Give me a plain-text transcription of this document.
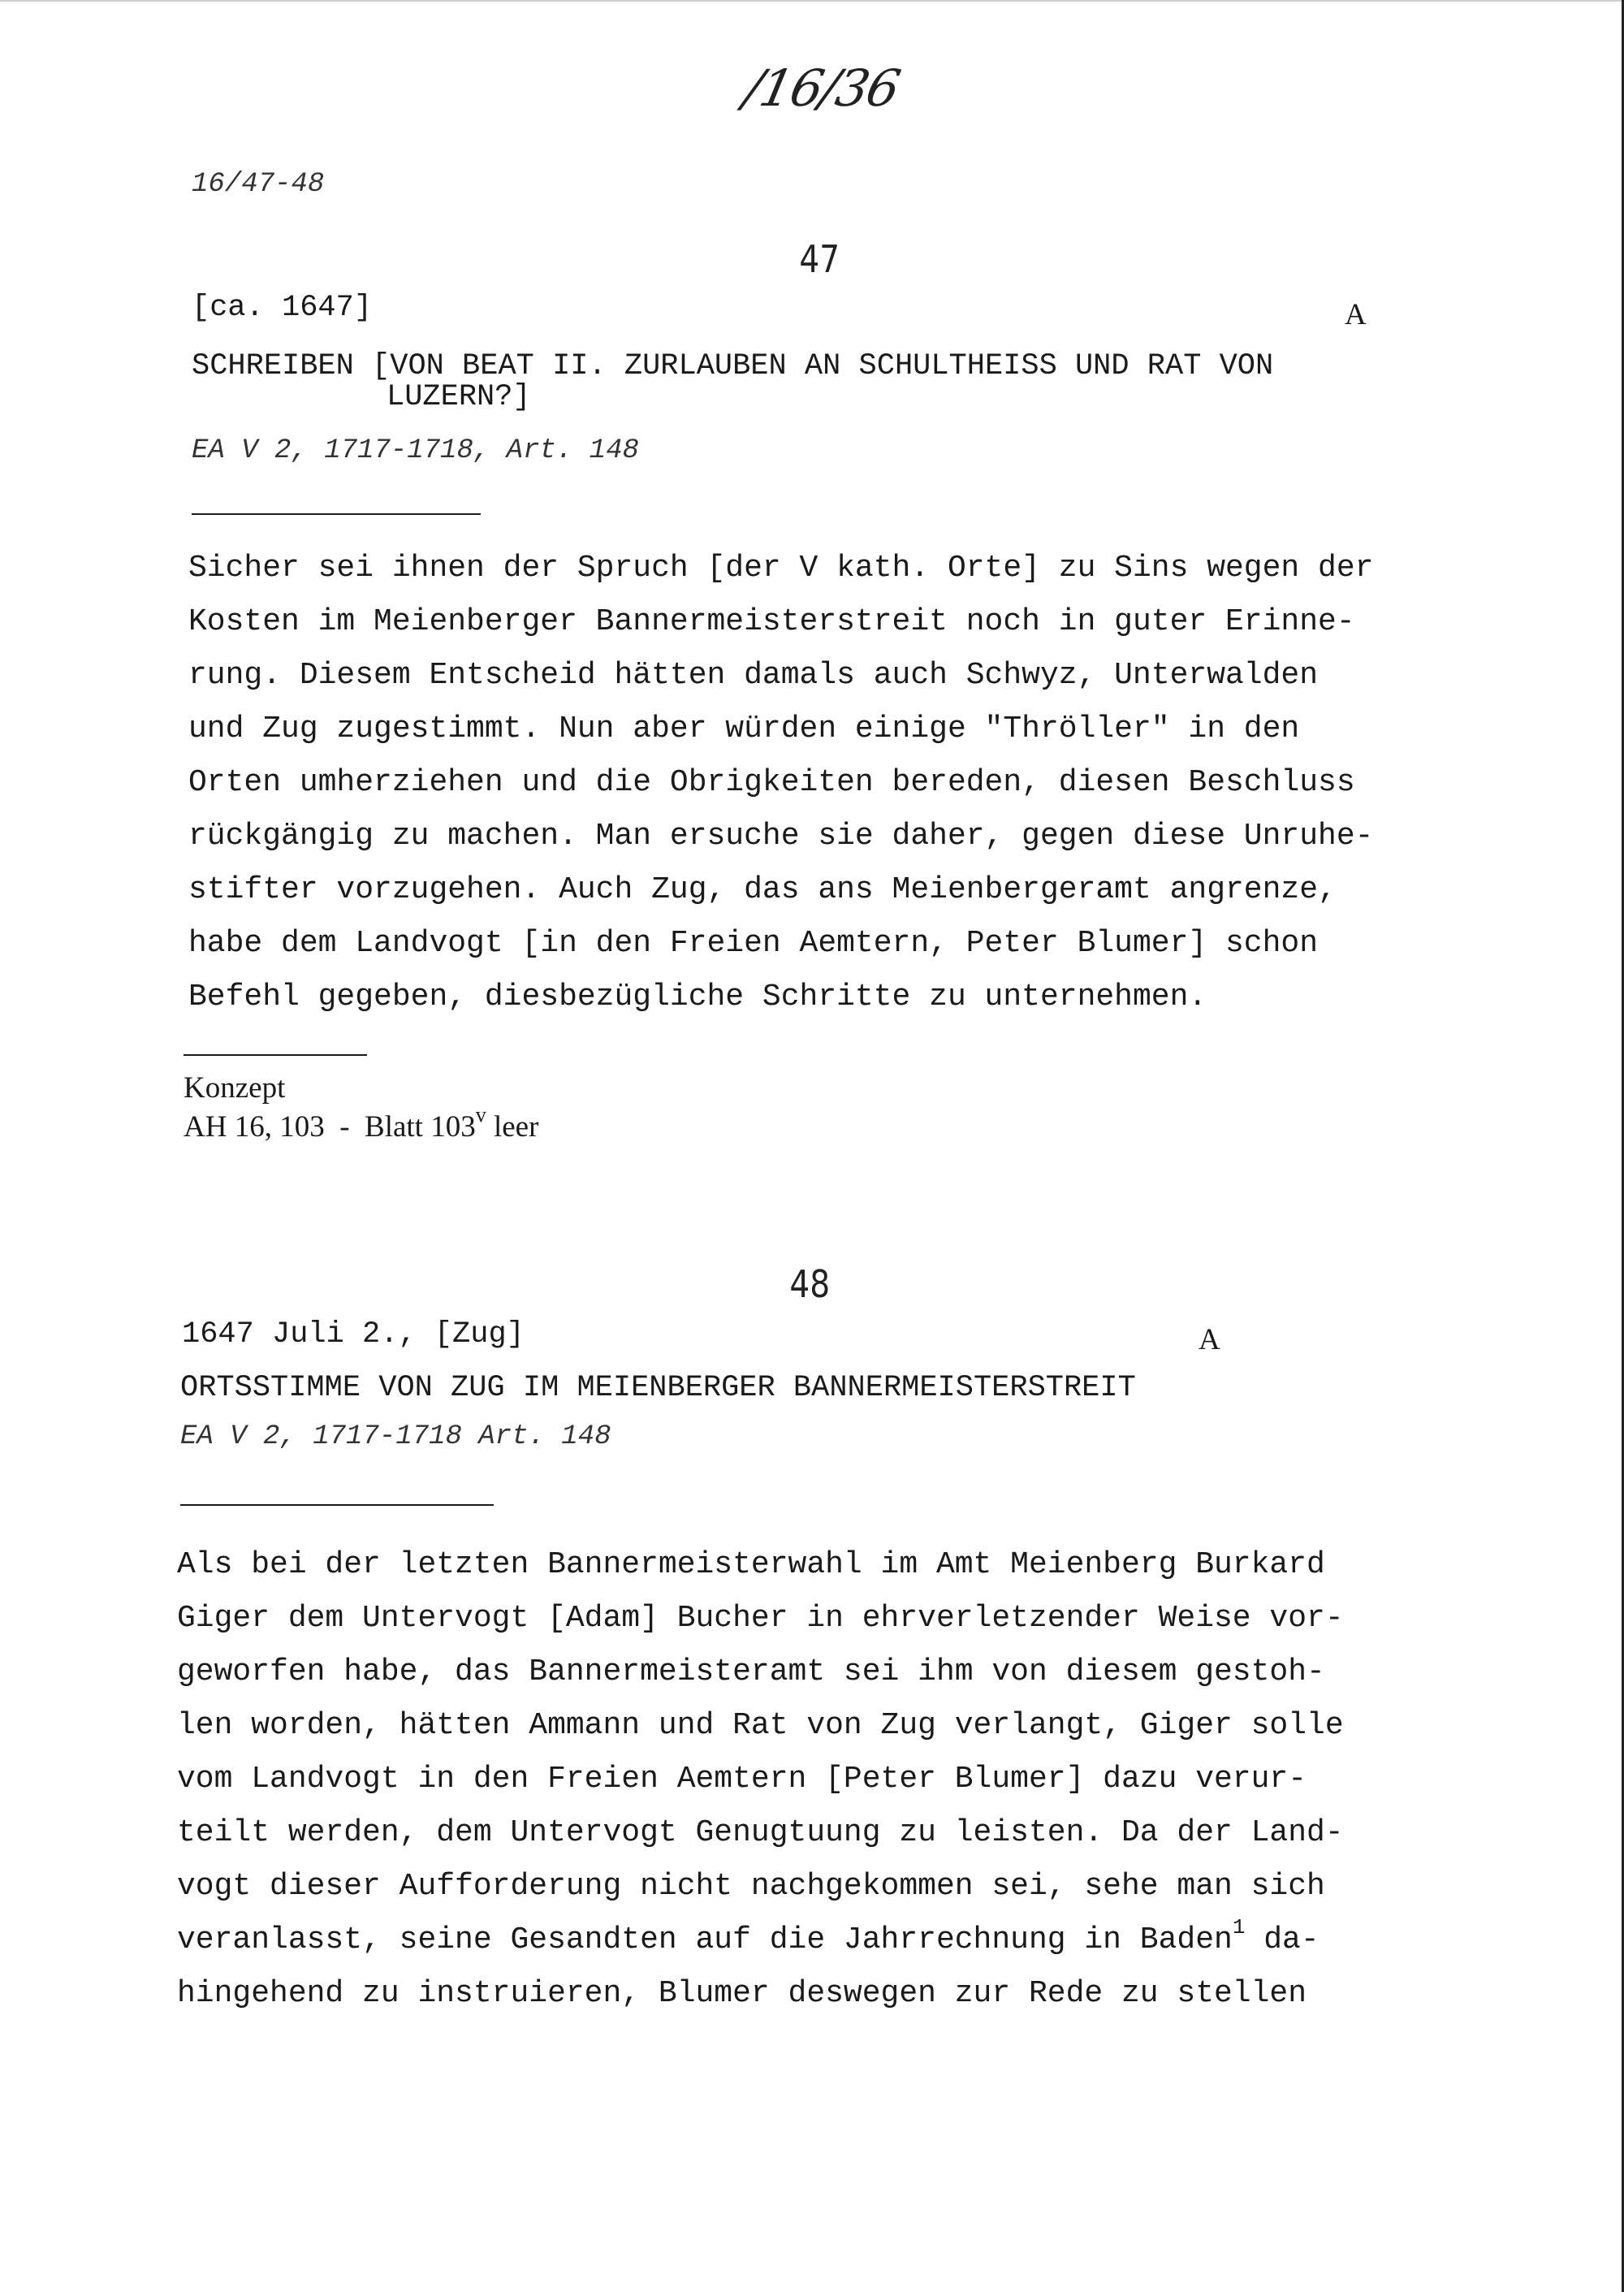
/16/36
16/47-48
47
[ca. 1647]	A
SCHREIBEN [VON BEAT II. ZURLAUBEN AN SCHULTHEISS UND RAT VON
LUZERN?]
EA V 2, 1717-1718, Art. 148
Sicher sei ihnen der Spruch [der V kath. Orte] zu Sins wegen der
Kosten im Meienberger Bannermeisterstreit noch in guter Erinne-
rung. Diesem Entscheid hätten damals auch Schwyz, Unterwalden
und Zug zugestimmt. Nun aber würden einige "Thröller" in den
Orten umherziehen und die Obrigkeiten bereden, diesen Beschluss
rückgängig zu machen. Man ersuche sie daher, gegen diese Unruhe-
stifter vorzugehen. Auch Zug, das ans Meienbergeramt angrenze,
habe dem Landvogt [in den Freien Aemtern, Peter Blumer] schon
Befehl gegeben, diesbezügliche Schritte zu unternehmen.
Konzept
AH 16, 103  -  Blatt 103$^v$ leer
48
1647 Juli 2., [Zug]	A
ORTSSTIMME VON ZUG IM MEIENBERGER BANNERMEISTERSTREIT
EA V 2, 1717-1718 Art. 148
Als bei der letzten Bannermeisterwahl im Amt Meienberg Burkard
Giger dem Untervogt [Adam] Bucher in ehrverletzender Weise vor-
geworfen habe, das Bannermeisteramt sei ihm von diesem gestoh-
len worden, hätten Ammann und Rat von Zug verlangt, Giger solle
vom Landvogt in den Freien Aemtern [Peter Blumer] dazu verur-
teilt werden, dem Untervogt Genugtuung zu leisten. Da der Land-
vogt dieser Aufforderung nicht nachgekommen sei, sehe man sich
veranlasst, seine Gesandten auf die Jahrrechnung in Baden$^1$ da-
hingehend zu instruieren, Blumer deswegen zur Rede zu stellen
